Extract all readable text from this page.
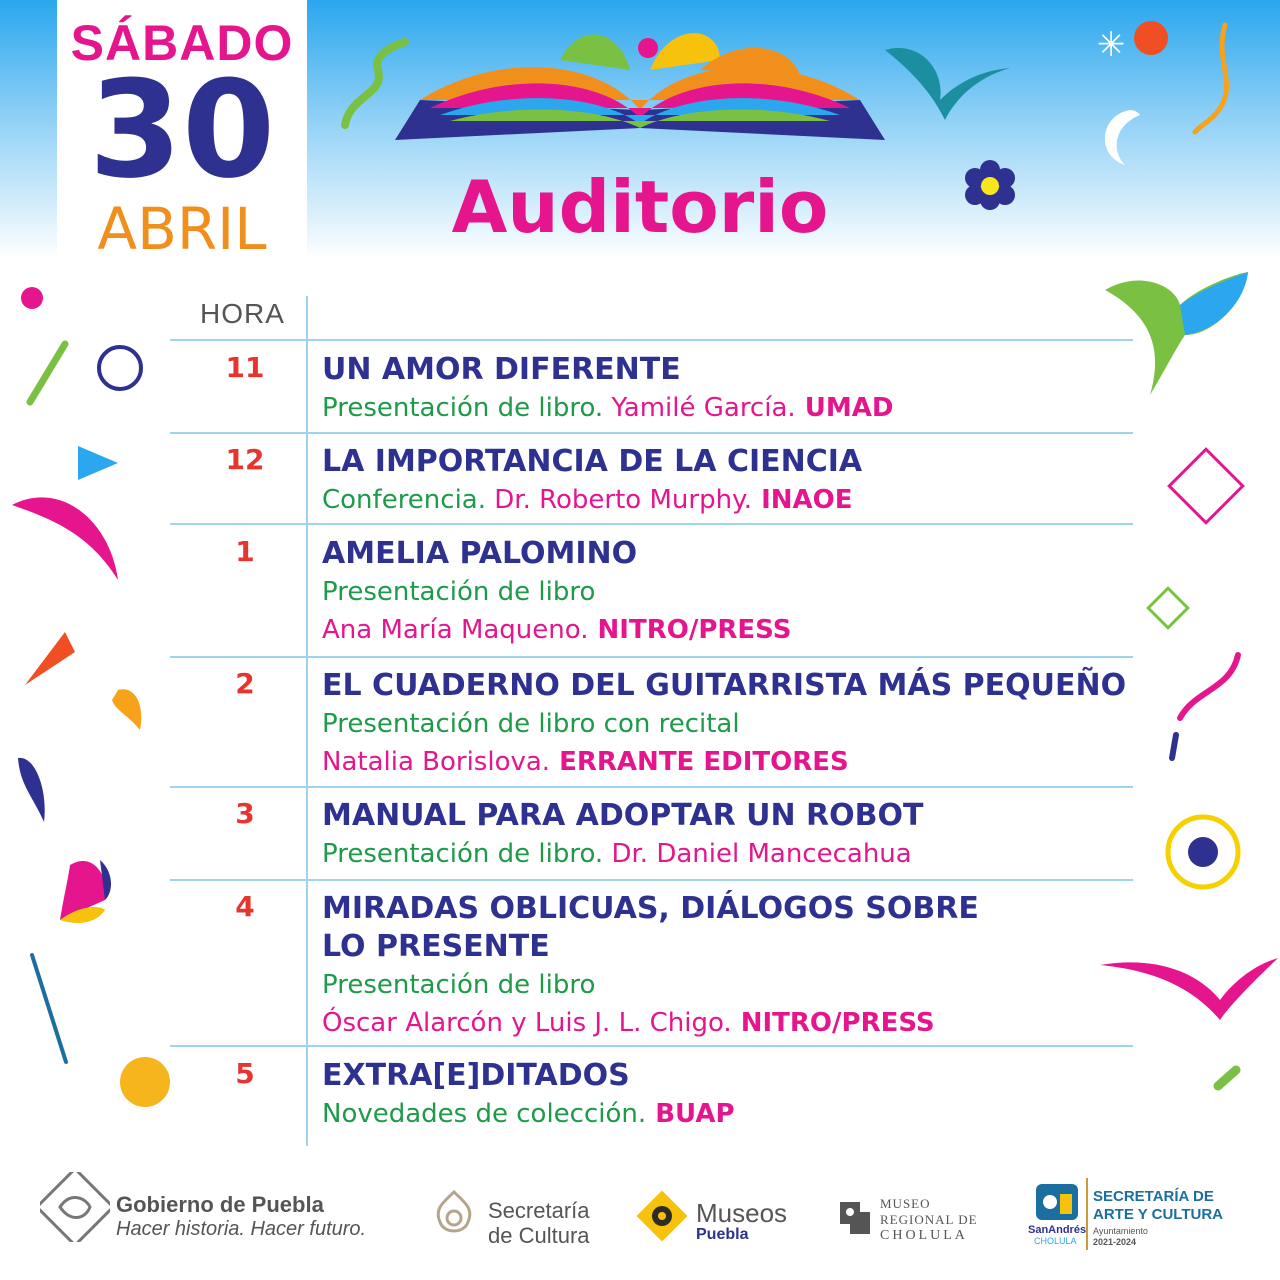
✳
SÁBADO
30
ABRIL	Auditorio
HORA
11	UN AMOR DIFERENTE
Presentación de libro. Yamilé García. UMAD
12	LA IMPORTANCIA DE LA CIENCIA
Conferencia. Dr. Roberto Murphy. INAOE
1	AMELIA PALOMINO
Presentación de libro
Ana María Maqueno. NITRO/PRESS
2	EL CUADERNO DEL GUITARRISTA MÁS PEQUEÑO
Presentación de libro con recital
Natalia Borislova. ERRANTE EDITORES
3	MANUAL PARA ADOPTAR UN ROBOT
Presentación de libro. Dr. Daniel Mancecahua
4	MIRADAS OBLICUAS, DIÁLOGOS SOBRE
LO PRESENTE
Presentación de libro
Óscar Alarcón y Luis J. L. Chigo. NITRO/PRESS
5	EXTRA[E]DITADOS
Novedades de colección. BUAP
Gobierno de Puebla
Hacer historia. Hacer futuro.
Secretaría
de Cultura
Museos
Puebla
MUSEO
REGIONAL DE
CHOLULA	SanAndrés
CHOLULA
SECRETARÍA DE
ARTE Y CULTURA
Ayuntamiento
2021-2024
